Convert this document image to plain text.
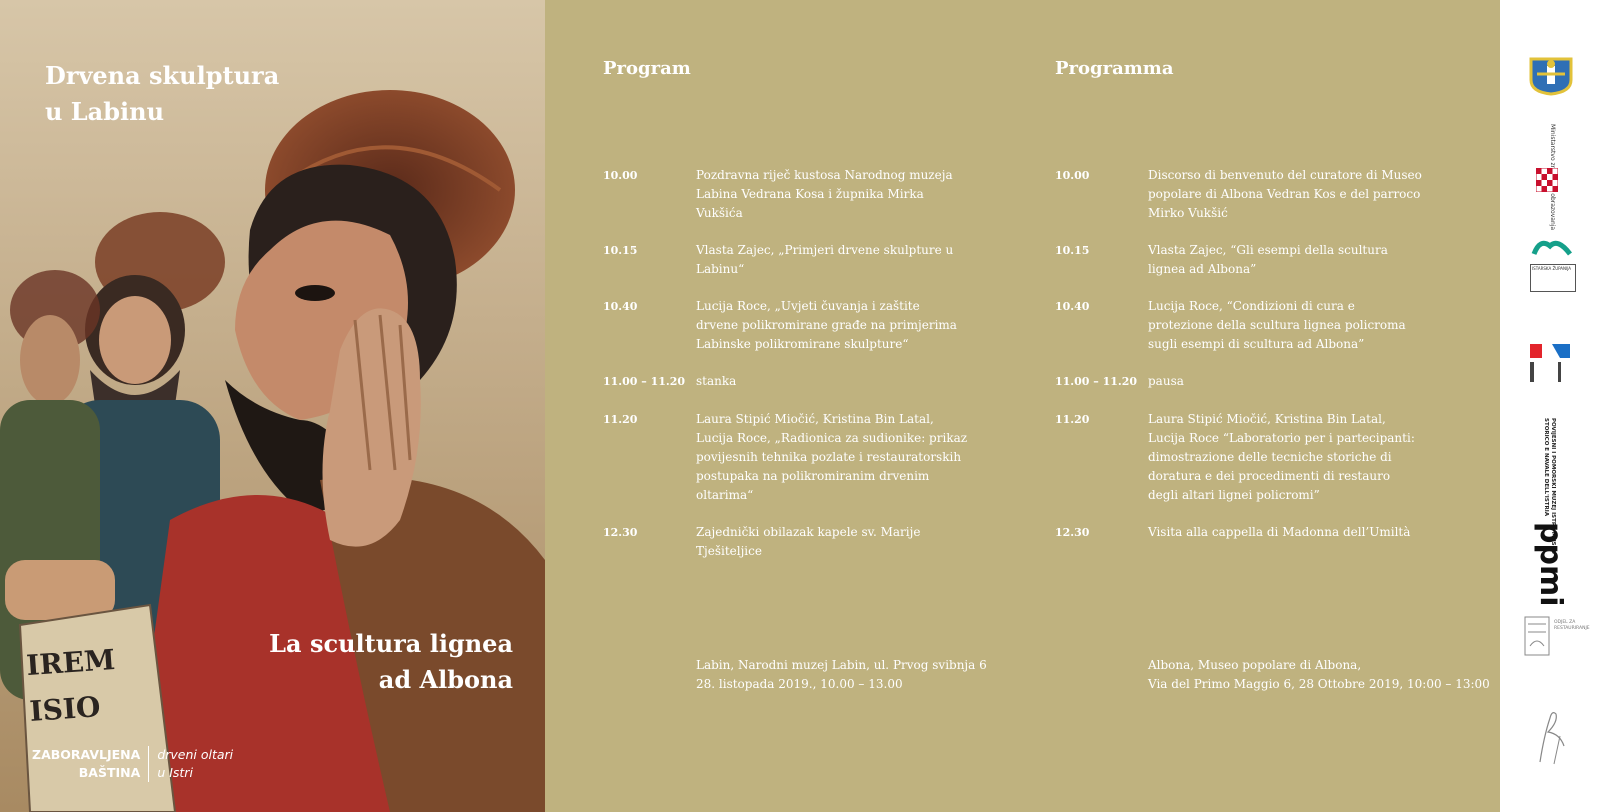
IREM
ISIO
Drvena skulptura
u Labinu
La scultura lignea
ad Albona
ZABORAVLJENA
BAŠTINA
drveni oltari
u Istri
Program
10.00	Pozdravna riječ kustosa Narodnog muzeja
Labina Vedrana Kosa i župnika Mirka
Vukšića
10.15	Vlasta Zajec, „Primjeri drvene skulpture u
Labinu“
10.40	Lucija Roce, „Uvjeti čuvanja i zaštite
drvene polikromirane građe na primjerima
Labinske polikromirane skulpture“
11.00 – 11.20 stanka
11.20	Laura Stipić Miočić, Kristina Bin Latal,
Lucija Roce, „Radionica za sudionike: prikaz
povijesnih tehnika pozlate i restauratorskih
postupaka na polikromiranim drvenim
oltarima“
12.30	Zajednički obilazak kapele sv. Marije
Tješiteljice
Labin, Narodni muzej Labin, ul. Prvog svibnja 6
28. listopada 2019., 10.00 – 13.00
Programma
10.00	Discorso di benvenuto del curatore di Museo
popolare di Albona Vedran Kos e del parroco
Mirko Vukšić
10.15	Vlasta Zajec, “Gli esempi della scultura
lignea ad Albona”
10.40	Lucija Roce, “Condizioni di cura e
protezione della scultura lignea policroma
sugli esempi di scultura ad Albona”
11.00 – 11.20 pausa
11.20	Laura Stipić Miočić, Kristina Bin Latal,
Lucija Roce “Laboratorio per i partecipanti:
dimostrazione delle tecniche storiche di
doratura e dei procedimenti di restauro
degli altari lignei policromi”
12.30	Visita alla cappella di Madonna dell’Umiltà
Albona, Museo popolare di Albona,
Via del Primo Maggio 6, 28 Ottobre 2019, 10:00 – 13:00
Ministarstvo obrazovanja
ISTARSKA ŽUPANIJA
POVIJESNI I POMORSKI MUZEJ ISTRE MUSEO STORICO E NAVALE DELL'ISTRIA
ppmi
ODJEL ZA RESTAURIRANJE
